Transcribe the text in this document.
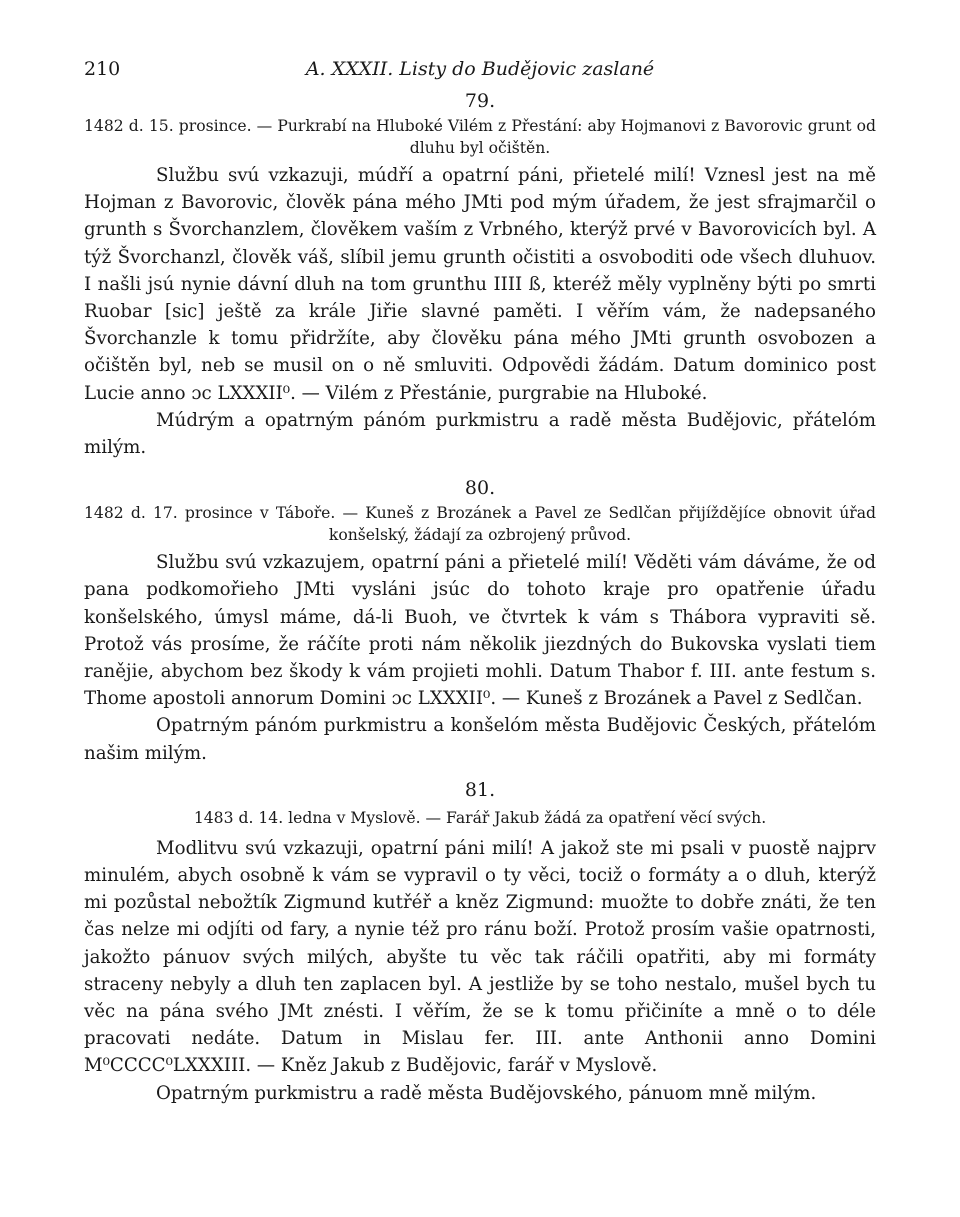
210	A. XXXII. Listy do Budějovic zaslané
79.

1482 d. 15. prosince. — Purkrabí na Hluboké Vilém z Přestání: aby Hojmanovi z Bavorovic grunt od dluhu byl očištěn.

Službu svú vzkazuji, múdří a opatrní páni, přietelé milí! Vznesl jest na mě Hojman z Bavorovic, člověk pána mého JMti pod mým úřadem, že jest sfrajmarčil o grunth s Švorchanzlem, člověkem vaším z Vrbného, kterýž prvé v Bavorovicích byl. A týž Švorchanzl, člověk váš, slíbil jemu grunth očistiti a osvoboditi ode všech dluhuov. I našli jsú nynie dávní dluh na tom grunthu IIII ß, kteréž měly vyplněny býti po smrti Ruobar [sic] ještě za krále Jiřie slavné paměti. I věřím vám, že nadepsaného Švorchanzle k tomu přidržíte, aby člověku pána mého JMti grunth osvobozen a očištěn byl, neb se musil on o ně smluviti. Odpovědi žádám. Datum dominico post Lucie anno ɔc LXXXII⁰. — Vilém z Přestánie, purgrabie na Hluboké.

Múdrým a opatrným pánóm purkmistru a radě města Budějovic, přátelóm milým.

80.

1482 d. 17. prosince v Táboře. — Kuneš z Brozánek a Pavel ze Sedlčan přijíždějíce obnovit úřad konšelský, žádají za ozbrojený průvod.

Službu svú vzkazujem, opatrní páni a přietelé milí! Věděti vám dáváme, že od pana podkomořieho JMti vysláni jsúc do tohoto kraje pro opatřenie úřadu konšelského, úmysl máme, dá-li Buoh, ve čtvrtek k vám s Thábora vypraviti sě. Protož vás prosíme, že ráčíte proti nám několik jiezdných do Bukovska vyslati tiem ranějie, abychom bez škody k vám projieti mohli. Datum Thabor f. III. ante festum s. Thome apostoli annorum Domini ɔc LXXXII⁰. — Kuneš z Brozánek a Pavel z Sedlčan.

Opatrným pánóm purkmistru a konšelóm města Budějovic Českých, přátelóm našim milým.

81.

1483 d. 14. ledna v Myslově. — Farář Jakub žádá za opatření věcí svých.

Modlitvu svú vzkazuji, opatrní páni milí! A jakož ste mi psali v puostě najprv minulém, abych osobně k vám se vypravil o ty věci, tociž o formáty a o dluh, kterýž mi pozůstal nebožtík Zigmund kutřéř a kněz Zigmund: muožte to dobře znáti, že ten čas nelze mi odjíti od fary, a nynie též pro ránu boží. Protož prosím vašie opatrnosti, jakožto pánuov svých milých, abyšte tu věc tak ráčili opatřiti, aby mi formáty straceny nebyly a dluh ten zaplacen byl. A jestliže by se toho nestalo, mušel bych tu věc na pána svého JMt znésti. I věřím, že se k tomu přičiníte a mně o to déle pracovati nedáte. Datum in Mislau fer. III. ante Anthonii anno Domini M⁰CCCC⁰LXXXIII. — Kněz Jakub z Budějovic, farář v Myslově.

Opatrným purkmistru a radě města Budějovského, pánuom mně milým.
